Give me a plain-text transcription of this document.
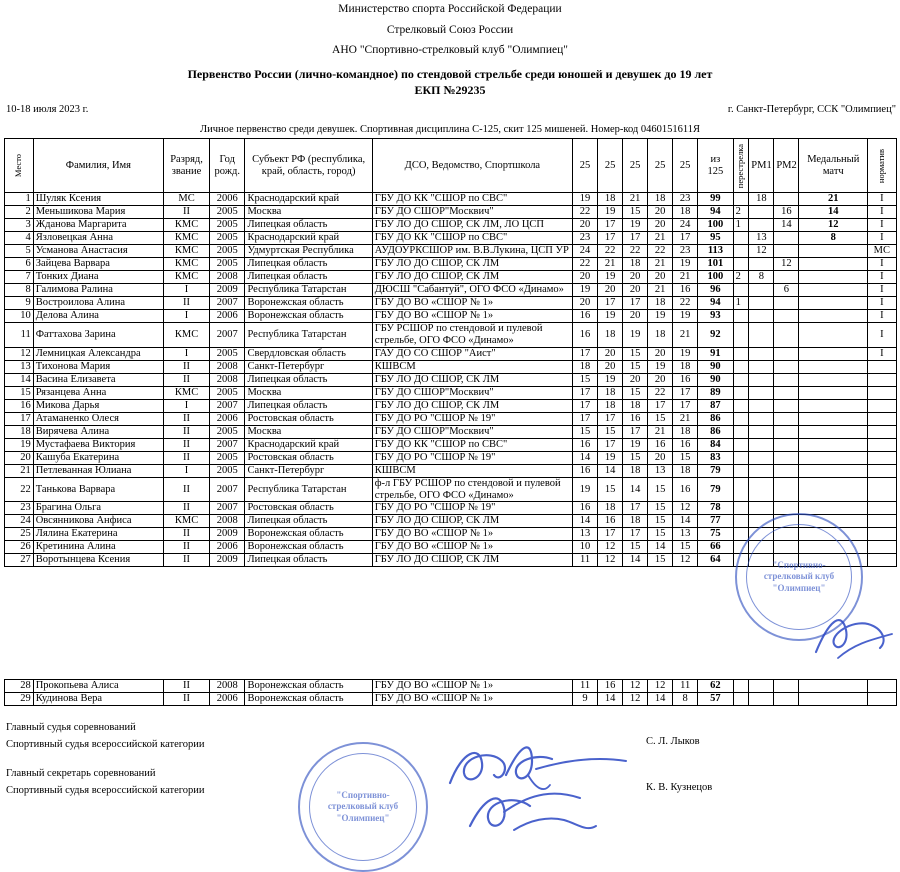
Министерство спорта Российской Федерации
Стрелковый Союз России
АНО "Спортивно-стрелковый клуб "Олимпиец"
Первенство России (лично-командное) по стендовой стрельбе среди юношей и девушек до 19 лет
ЕКП №29235
10-18 июля 2023 г.	г. Санкт-Петербург, ССК "Олимпиец"
Личное первенство среди девушек. Спортивная дисциплина С-125, скит 125 мишеней. Номер-код 0460151611Я
Место	Фамилия, Имя	Разряд,
звание	Год
рожд.	Субъект РФ (республика,
край, область, город)	ДСО, Ведомство, Спортшкола	25	25	25	25	25	из
125	перестрелка	РМ1	РМ2	Медальный
матч	норматив

1	Шуляк Ксения	МС	2006	Краснодарский край	ГБУ ДО КК "СШОР по СВС"	19	18	21	18	23	99		18		21	I
2	Меньшикова Мария	II	2005	Москва	ГБУ ДО СШОР"Москвич"	22	19	15	20	18	94	2		16	14	I
3	Жданова Маргарита	КМС	2005	Липецкая область	ГБУ ЛО ДО СШОР, СК ЛМ, ЛО ЦСП	20	17	19	20	24	100	1		14	12	I
4	Язловецкая Анна	КМС	2005	Краснодарский край	ГБУ ДО КК "СШОР по СВС"	23	17	17	21	17	95		13		8	I
5	Усманова Анастасия	КМС	2005	Удмуртская Республика	АУДОУРКСШОР им. В.В.Лукина, ЦСП УР	24	22	22	22	23	113		12			МС
6	Зайцева Варвара	КМС	2005	Липецкая область	ГБУ ЛО ДО СШОР, СК ЛМ	22	21	18	21	19	101			12		I
7	Тонких Диана	КМС	2008	Липецкая область	ГБУ ЛО ДО СШОР, СК ЛМ	20	19	20	20	21	100	2	8			I
8	Галимова Ралина	I	2009	Республика Татарстан	ДЮСШ "Сабантуй", ОГО ФСО «Динамо»	19	20	20	21	16	96			6		I
9	Востроилова Алина	II	2007	Воронежская область	ГБУ ДО ВО «СШОР № 1»	20	17	17	18	22	94	1				I
10	Делова Алина	I	2006	Воронежская область	ГБУ ДО ВО «СШОР № 1»	16	19	20	19	19	93					I
11	Фаттахова Зарина	КМС	2007	Республика Татарстан	ГБУ РСШОР по стендовой и пулевой стрельбе, ОГО ФСО «Динамо»	16	18	19	18	21	92					I
12	Лемницкая Александра	I	2005	Свердловская область	ГАУ ДО СО СШОР "Аист"	17	20	15	20	19	91					I
13	Тихонова Мария	II	2008	Санкт-Петербург	КШВСМ	18	20	15	19	18	90					
14	Васина Елизавета	II	2008	Липецкая область	ГБУ ЛО ДО СШОР, СК ЛМ	15	19	20	20	16	90					
15	Рязанцева Анна	КМС	2005	Москва	ГБУ ДО СШОР"Москвич"	17	18	15	22	17	89					
16	Микова Дарья	I	2007	Липецкая область	ГБУ ЛО ДО СШОР, СК ЛМ	17	18	18	17	17	87					
17	Атаманенко Олеся	II	2006	Ростовская область	ГБУ ДО РО "СШОР № 19"	17	17	16	15	21	86					
18	Вирячева Алина	II	2005	Москва	ГБУ ДО СШОР"Москвич"	15	15	17	21	18	86					
19	Мустафаева Виктория	II	2007	Краснодарский край	ГБУ ДО КК "СШОР по СВС"	16	17	19	16	16	84					
20	Кашуба Екатерина	II	2005	Ростовская область	ГБУ ДО РО "СШОР № 19"	14	19	15	20	15	83					
21	Петлеванная Юлиана	I	2005	Санкт-Петербург	КШВСМ	16	14	18	13	18	79					
22	Танькова Варвара	II	2007	Республика Татарстан	ф-л ГБУ РСШОР по стендовой и пулевой стрельбе, ОГО ФСО «Динамо»	19	15	14	15	16	79					
23	Брагина Ольга	II	2007	Ростовская область	ГБУ ДО РО "СШОР № 19"	16	18	17	15	12	78					
24	Овсянникова Анфиса	КМС	2008	Липецкая область	ГБУ ЛО ДО СШОР, СК ЛМ	14	16	18	15	14	77					
25	Лялина Екатерина	II	2009	Воронежская область	ГБУ ДО ВО «СШОР № 1»	13	17	17	15	13	75					
26	Кретинина Алина	II	2006	Воронежская область	ГБУ ДО ВО «СШОР № 1»	10	12	15	14	15	66					
27	Воротынцева Ксения	II	2009	Липецкая область	ГБУ ЛО ДО СШОР, СК ЛМ	11	12	14	15	12	64					
28	Прокопьева Алиса	II	2008	Воронежская область	ГБУ ДО ВО «СШОР № 1»	11	16	12	12	11	62					
29	Кудинова Вера	II	2006	Воронежская область	ГБУ ДО ВО «СШОР № 1»	9	14	12	14	8	57					
Главный судья соревнований
Спортивный судья всероссийской категории	С. Л. Лыков
Главный секретарь соревнований
Спортивный судья всероссийской категории	К. В. Кузнецов
"Спортивно-
стрелковый клуб
"Олимпиец"
"Спортивно-
стрелковый клуб
"Олимпиец"
